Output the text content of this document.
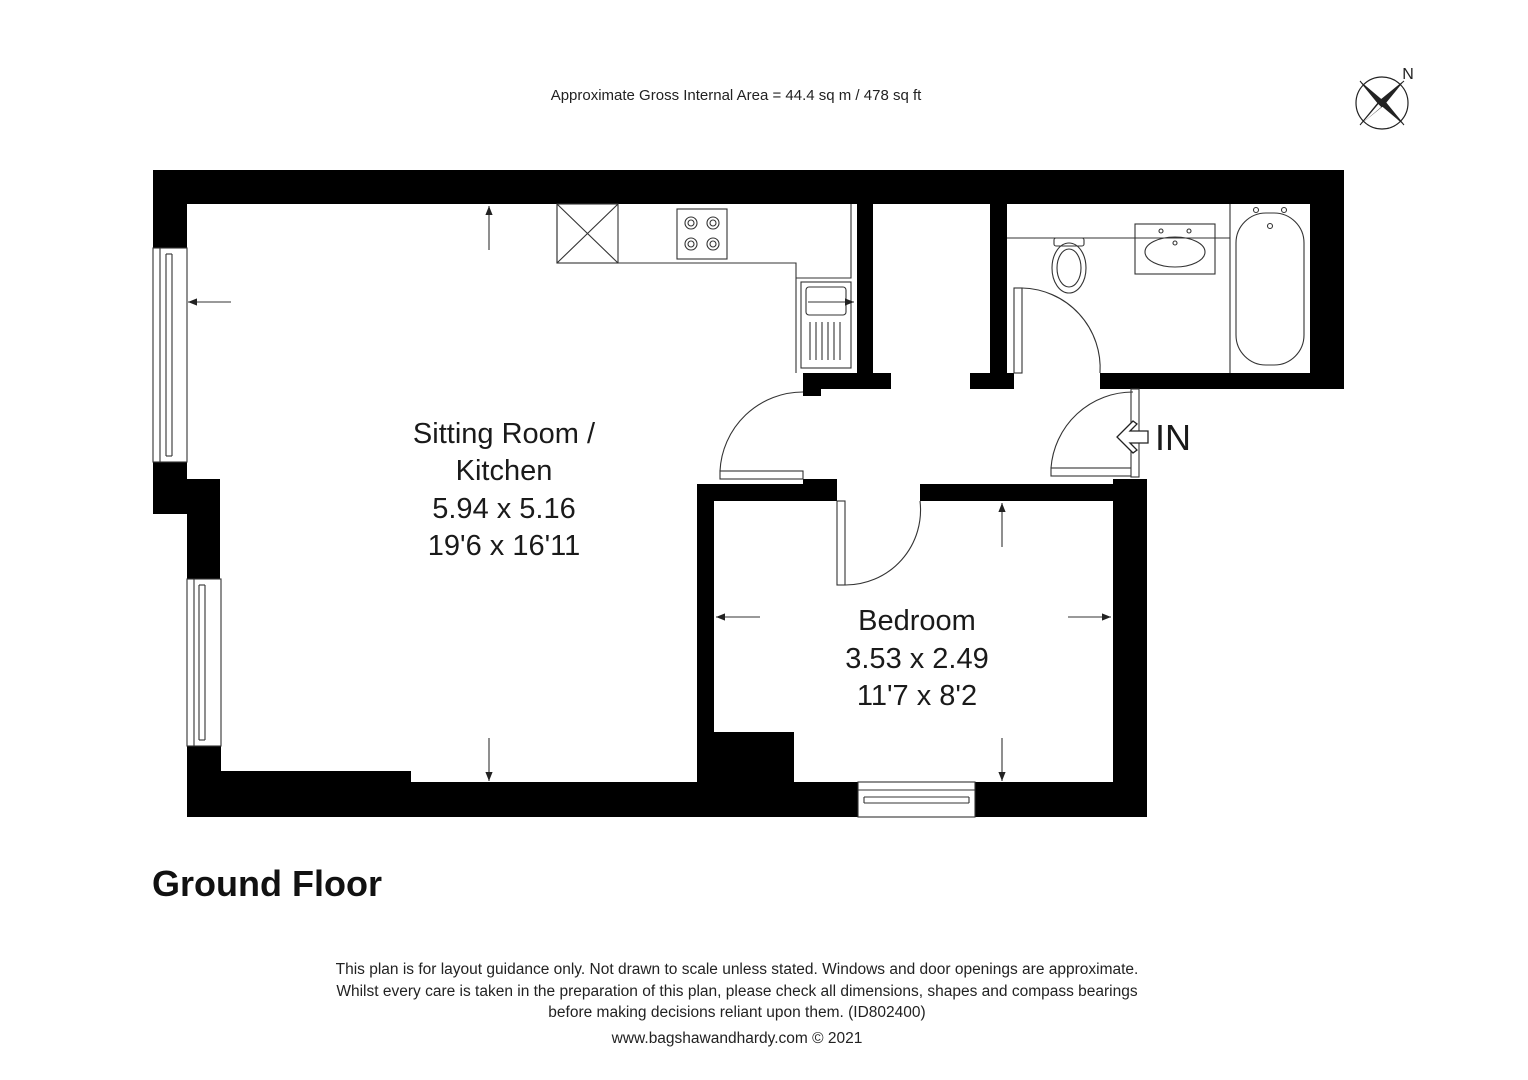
Approximate Gross Internal Area = 44.4 sq m / 478 sq ft
N
IN
Sitting Room /
Kitchen
5.94 x 5.16
19'6 x 16'11
Bedroom
3.53 x 2.49
11'7 x 8'2
Ground Floor
This plan is for layout guidance only. Not drawn to scale unless stated. Windows and door openings are approximate.
Whilst every care is taken in the preparation of this plan, please check all dimensions, shapes and compass bearings
before making decisions reliant upon them. (ID802400)
www.bagshawandhardy.com © 2021
